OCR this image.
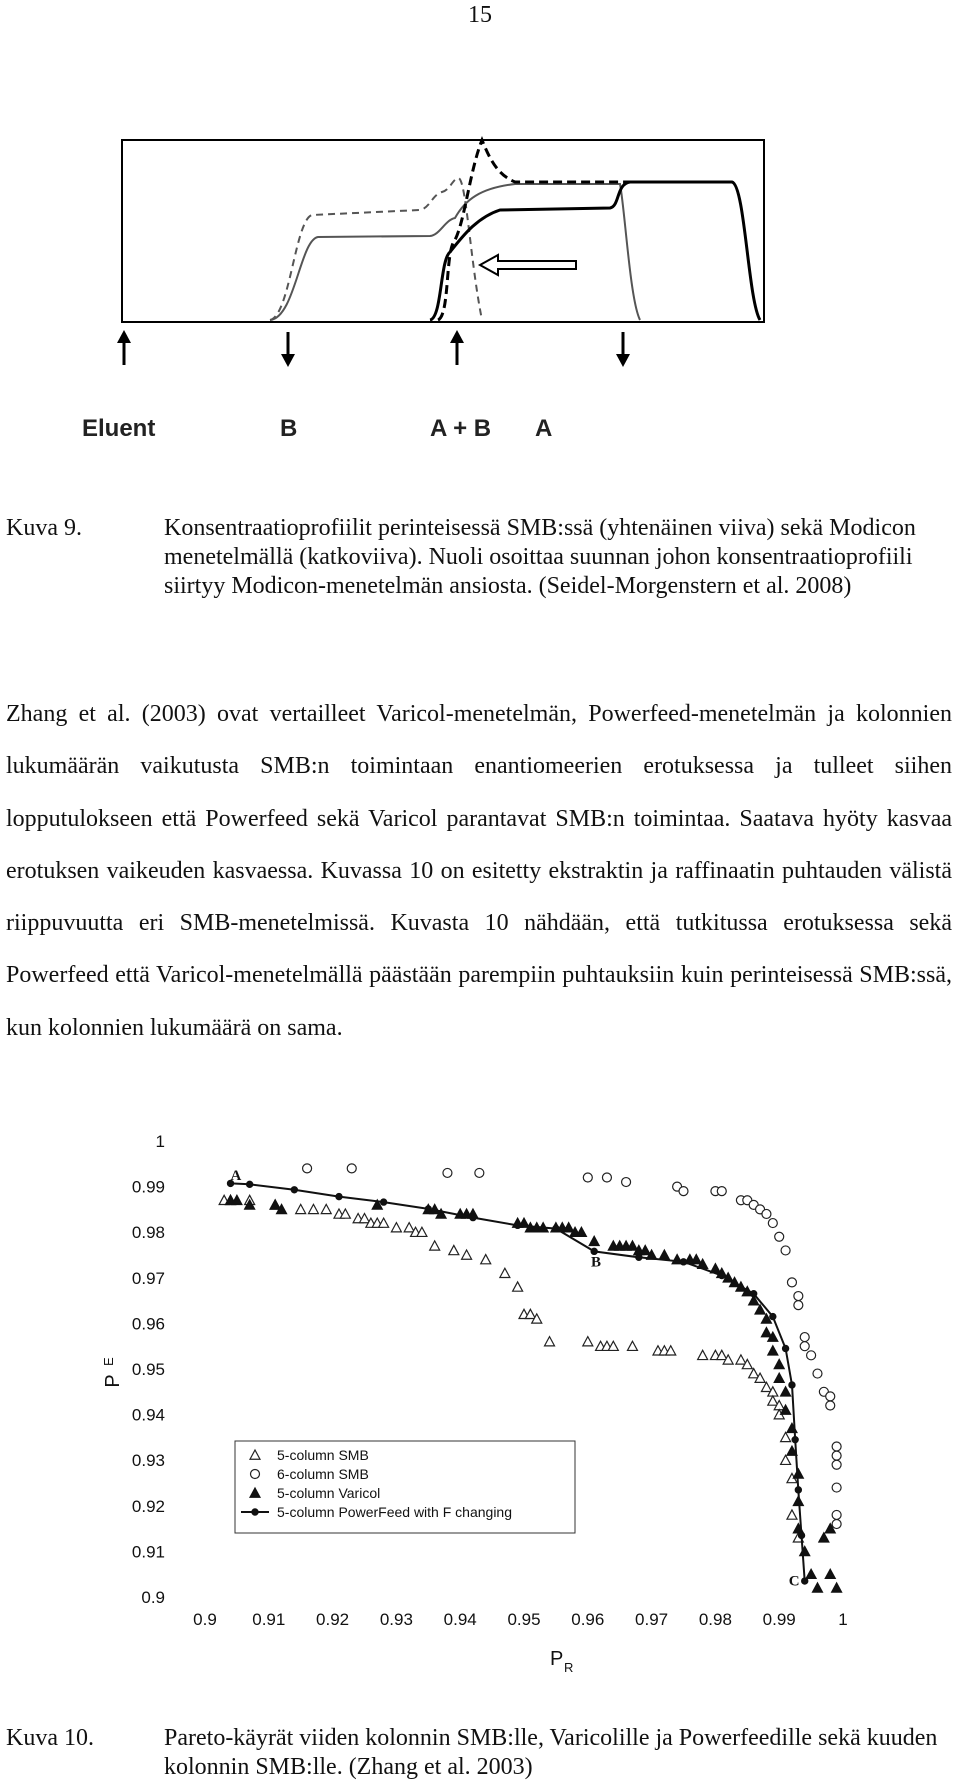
15
Eluent	B	A + B A
Kuva 9.	Konsentraatioprofiilit perinteisessä SMB:ssä (yhtenäinen viiva) sekä Modicon menetelmällä (katkoviiva). Nuoli osoittaa suunnan johon konsentraatioprofiili siirtyy Modicon-menetelmän ansiosta. (Seidel-Morgenstern et al. 2008)
Zhang et al. (2003) ovat vertailleet Varicol-menetelmän, Powerfeed-menetelmän ja kolonnien lukumäärän vaikutusta SMB:n toimintaan enantiomeerien erotuksessa ja tulleet siihen lopputulokseen että Powerfeed sekä Varicol parantavat SMB:n toimintaa. Saatava hyöty kasvaa erotuksen vaikeuden kasvaessa. Kuvassa 10 on esitetty ekstraktin ja raffinaatin puhtauden välistä riippuvuutta eri SMB-menetelmissä. Kuvasta 10 nähdään, että tutkitussa erotuksessa sekä Powerfeed että Varicol-menetelmällä päästään parempiin puhtauksiin kuin perinteisessä SMB:ssä, kun kolonnien lukumäärä on sama.
0.9
0.91
0.92
0.93
0.94
0.95
0.96
0.97
0.98
0.99
1
0.9 0.91 0.92 0.93 0.94 0.95 0.96 0.97 0.98 0.99	1
P R
P
E
A
B
C
5-column SMB
6-column SMB
5-column Varicol
5-column PowerFeed with F changing
Kuva 10.	Pareto-käyrät viiden kolonnin SMB:lle, Varicolille ja Powerfeedille sekä kuuden kolonnin SMB:lle. (Zhang et al. 2003)
